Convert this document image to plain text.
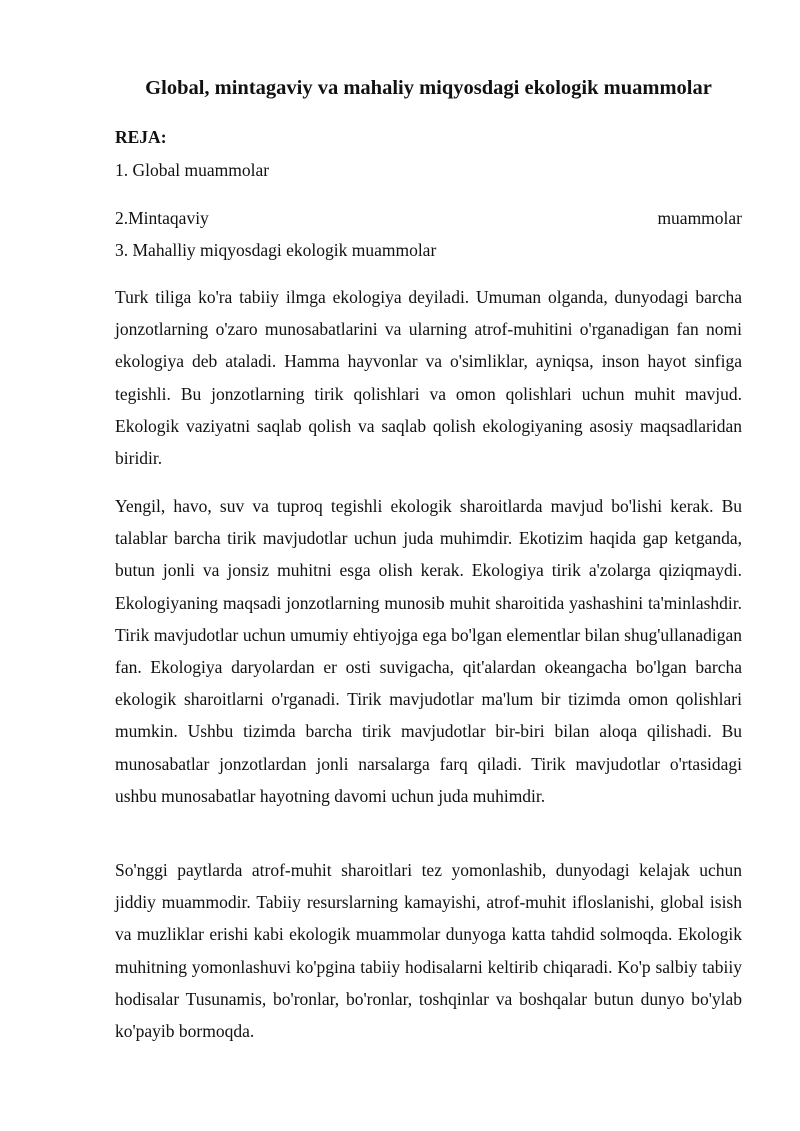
Global, mintagaviy va mahaliy miqyosdagi ekologik muammolar
REJA:
1. Global muammolar
2.Mintaqaviy	muammolar
3. Mahalliy miqyosdagi ekologik muammolar

Turk tiliga ko'ra tabiiy ilmga ekologiya deyiladi. Umuman olganda, dunyodagi barcha jonzotlarning o'zaro munosabatlarini va ularning atrof-muhitini o'rganadigan fan nomi ekologiya deb ataladi. Hamma hayvonlar va o'simliklar, ayniqsa, inson hayot sinfiga tegishli. Bu jonzotlarning tirik qolishlari va omon qolishlari uchun muhit mavjud. Ekologik vaziyatni saqlab qolish va saqlab qolish ekologiyaning asosiy maqsadlaridan biridir.

Yengil, havo, suv va tuproq tegishli ekologik sharoitlarda mavjud bo'lishi kerak. Bu talablar barcha tirik mavjudotlar uchun juda muhimdir. Ekotizim haqida gap ketganda, butun jonli va jonsiz muhitni esga olish kerak. Ekologiya tirik a'zolarga qiziqmaydi. Ekologiyaning maqsadi jonzotlarning munosib muhit sharoitida yashashini ta'minlashdir. Tirik mavjudotlar uchun umumiy ehtiyojga ega bo'lgan elementlar bilan shug'ullanadigan fan. Ekologiya daryolardan er osti suvigacha, qit'alardan okeangacha bo'lgan barcha ekologik sharoitlarni o'rganadi. Tirik mavjudotlar ma'lum bir tizimda omon qolishlari mumkin. Ushbu tizimda barcha tirik mavjudotlar bir-biri bilan aloqa qilishadi. Bu munosabatlar jonzotlardan jonli narsalarga farq qiladi. Tirik mavjudotlar o'rtasidagi ushbu munosabatlar hayotning davomi uchun juda muhimdir.

So'nggi paytlarda atrof-muhit sharoitlari tez yomonlashib, dunyodagi kelajak uchun jiddiy muammodir. Tabiiy resurslarning kamayishi, atrof-muhit ifloslanishi, global isish va muzliklar erishi kabi ekologik muammolar dunyoga katta tahdid solmoqda. Ekologik muhitning yomonlashuvi ko'pgina tabiiy hodisalarni keltirib chiqaradi. Ko'p salbiy tabiiy hodisalar Tusunamis, bo'ronlar, bo'ronlar, toshqinlar va boshqalar butun dunyo bo'ylab ko'payib bormoqda.
